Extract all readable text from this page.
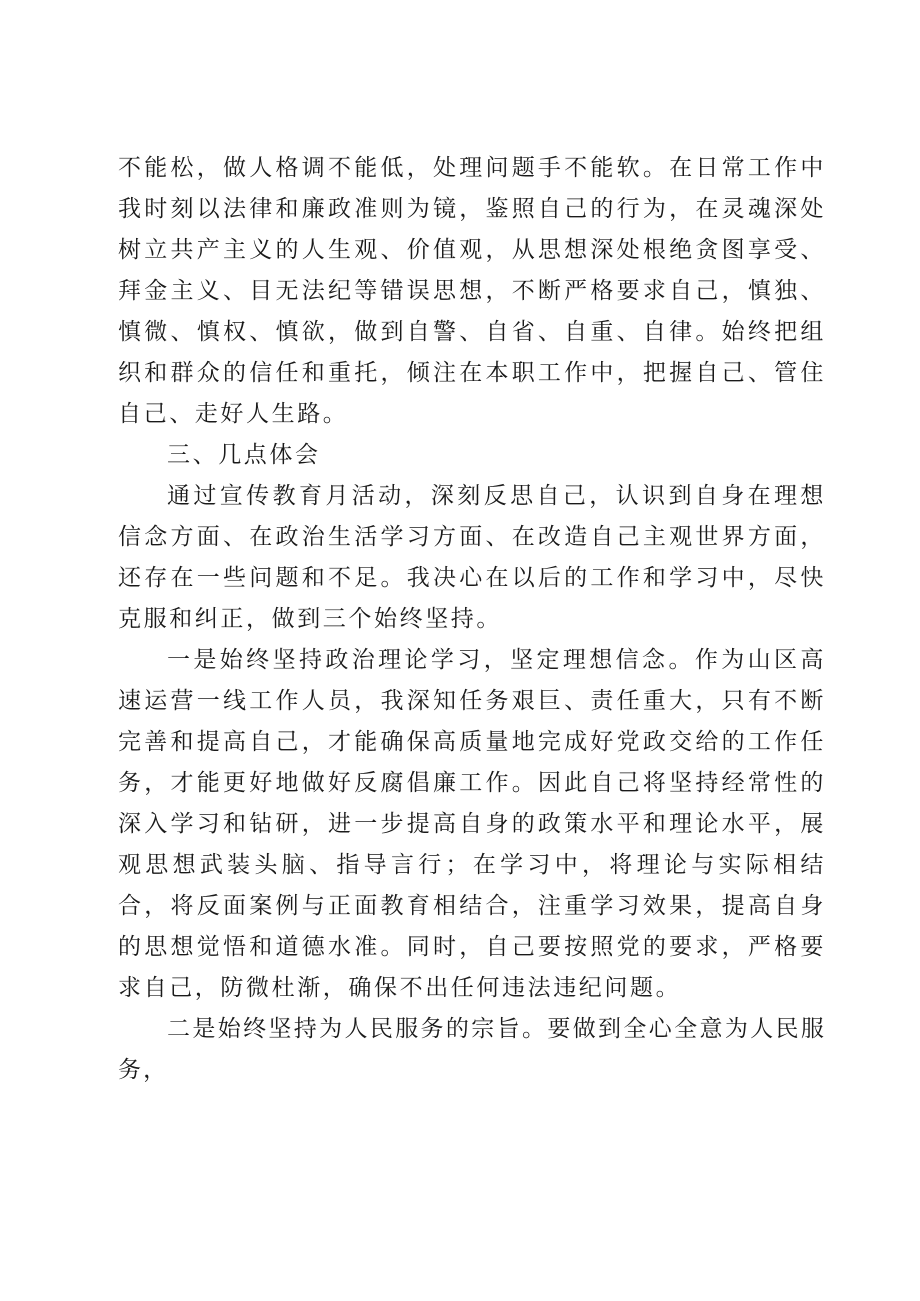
不能松，做人格调不能低，处理问题手不能软。在日常工作中我时刻以法律和廉政准则为镜，鉴照自己的行为，在灵魂深处树立共产主义的人生观、价值观，从思想深处根绝贪图享受、拜金主义、目无法纪等错误思想，不断严格要求自己，慎独、慎微、慎权、慎欲，做到自警、自省、自重、自律。始终把组织和群众的信任和重托，倾注在本职工作中，把握自己、管住自己、走好人生路。

三、几点体会

通过宣传教育月活动，深刻反思自己，认识到自身在理想信念方面、在政治生活学习方面、在改造自己主观世界方面，还存在一些问题和不足。我决心在以后的工作和学习中，尽快克服和纠正，做到三个始终坚持。

一是始终坚持政治理论学习，坚定理想信念。作为山区高速运营一线工作人员，我深知任务艰巨、责任重大，只有不断完善和提高自己，才能确保高质量地完成好党政交给的工作任务，才能更好地做好反腐倡廉工作。因此自己将坚持经常性的深入学习和钻研，进一步提高自身的政策水平和理论水平，展观思想武装头脑、指导言行；在学习中，将理论与实际相结合，将反面案例与正面教育相结合，注重学习效果，提高自身的思想觉悟和道德水准。同时，自己要按照党的要求，严格要求自己，防微杜渐，确保不出任何违法违纪问题。

二是始终坚持为人民服务的宗旨。要做到全心全意为人民服务，
